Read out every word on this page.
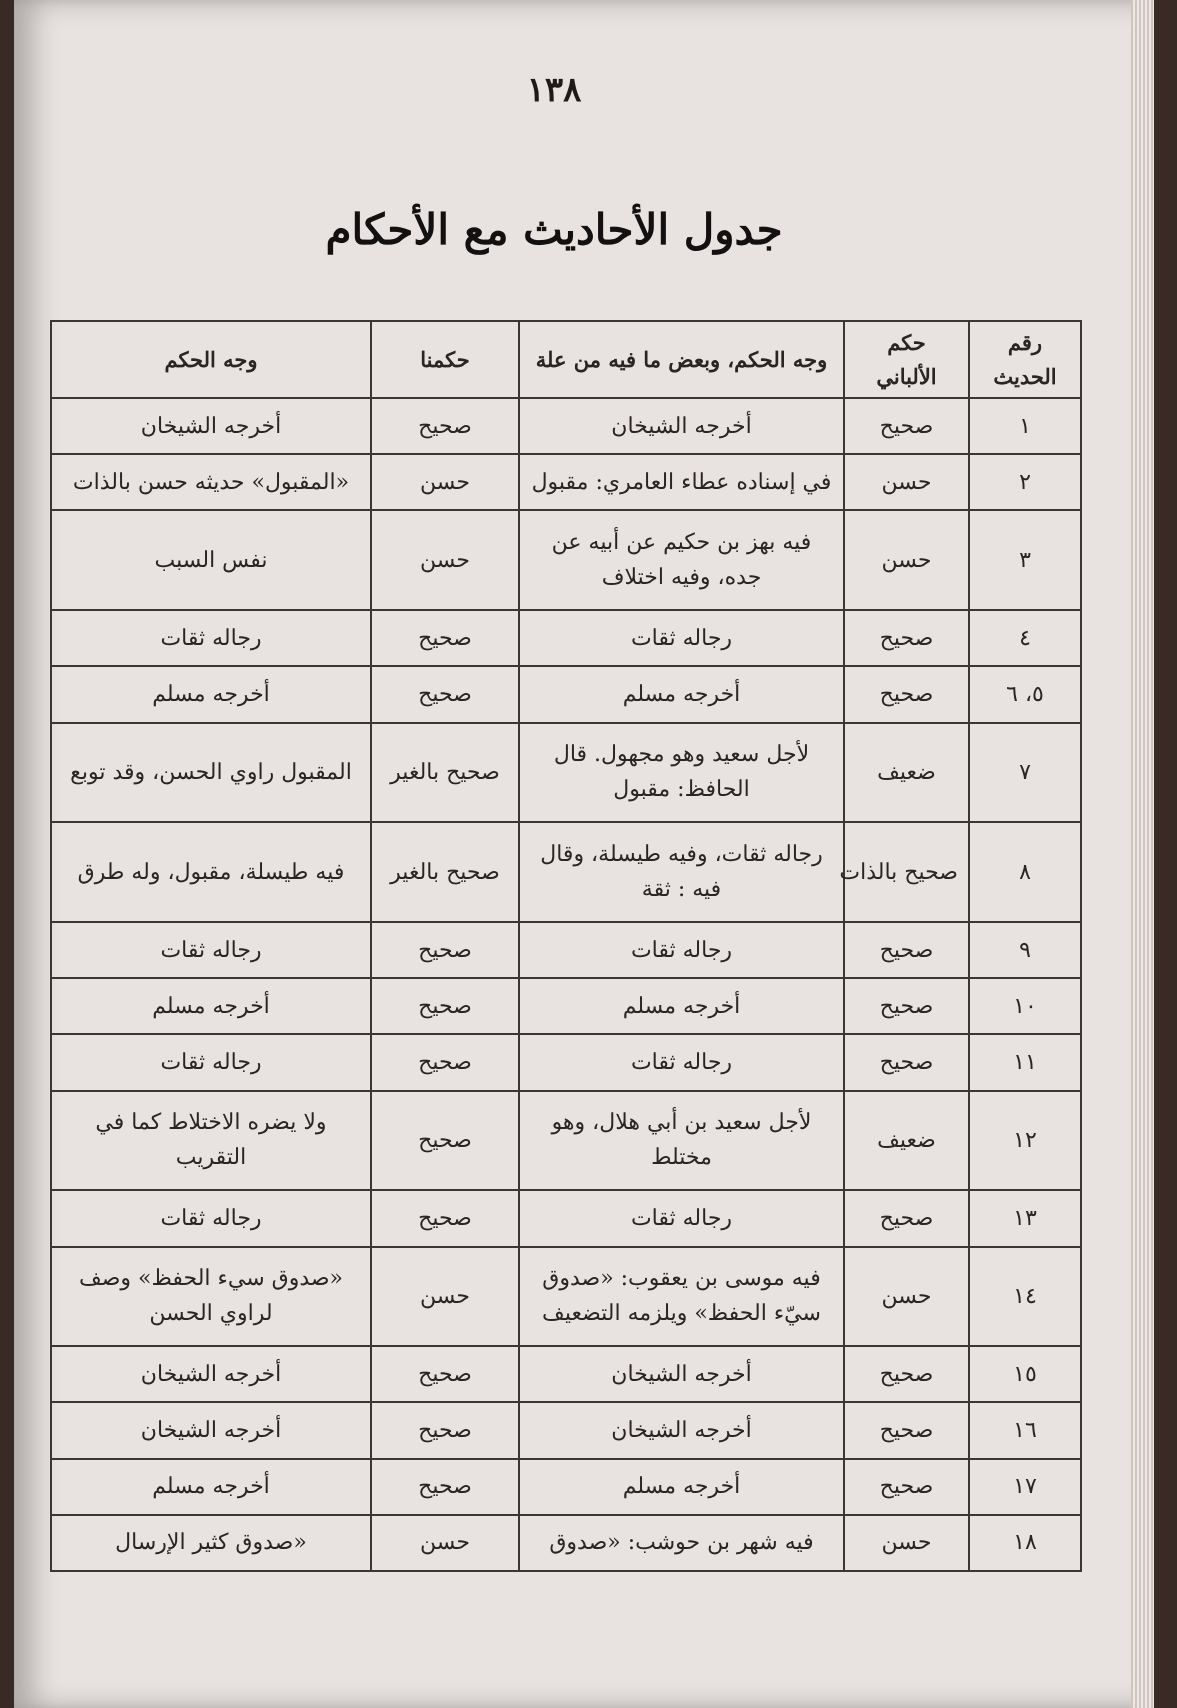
١٣٨
جدول الأحاديث مع الأحكام
رقم الحديث	حكم الألباني	وجه الحكم، وبعض ما فيه من علة	حكمنا	وجه الحكم
١	صحيح	أخرجه الشيخان	صحيح	أخرجه الشيخان
٢	حسن	في إسناده عطاء العامري: مقبول	حسن	«المقبول» حديثه حسن بالذات
٣	حسن	فيه بهز بن حكيم عن أبيه عن جده، وفيه اختلاف	حسن	نفس السبب
٤	صحيح	رجاله ثقات	صحيح	رجاله ثقات
٥، ٦	صحيح	أخرجه مسلم	صحيح	أخرجه مسلم
٧	ضعيف	لأجل سعيد وهو مجهول. قال الحافظ: مقبول	صحيح بالغير	المقبول راوي الحسن، وقد توبع
٨	صحيح بالذات	رجاله ثقات، وفيه طيسلة، وقال فيه : ثقة	صحيح بالغير	فيه طيسلة، مقبول، وله طرق
٩	صحيح	رجاله ثقات	صحيح	رجاله ثقات
١٠	صحيح	أخرجه مسلم	صحيح	أخرجه مسلم
١١	صحيح	رجاله ثقات	صحيح	رجاله ثقات
١٢	ضعيف	لأجل سعيد بن أبي هلال، وهو مختلط	صحيح	ولا يضره الاختلاط كما في التقريب
١٣	صحيح	رجاله ثقات	صحيح	رجاله ثقات
١٤	حسن	فيه موسى بن يعقوب: «صدوق سيّء الحفظ» ويلزمه التضعيف	حسن	«صدوق سيء الحفظ» وصف لراوي الحسن
١٥	صحيح	أخرجه الشيخان	صحيح	أخرجه الشيخان
١٦	صحيح	أخرجه الشيخان	صحيح	أخرجه الشيخان
١٧	صحيح	أخرجه مسلم	صحيح	أخرجه مسلم
١٨	حسن	فيه شهر بن حوشب: «صدوق	حسن	«صدوق كثير الإرسال
